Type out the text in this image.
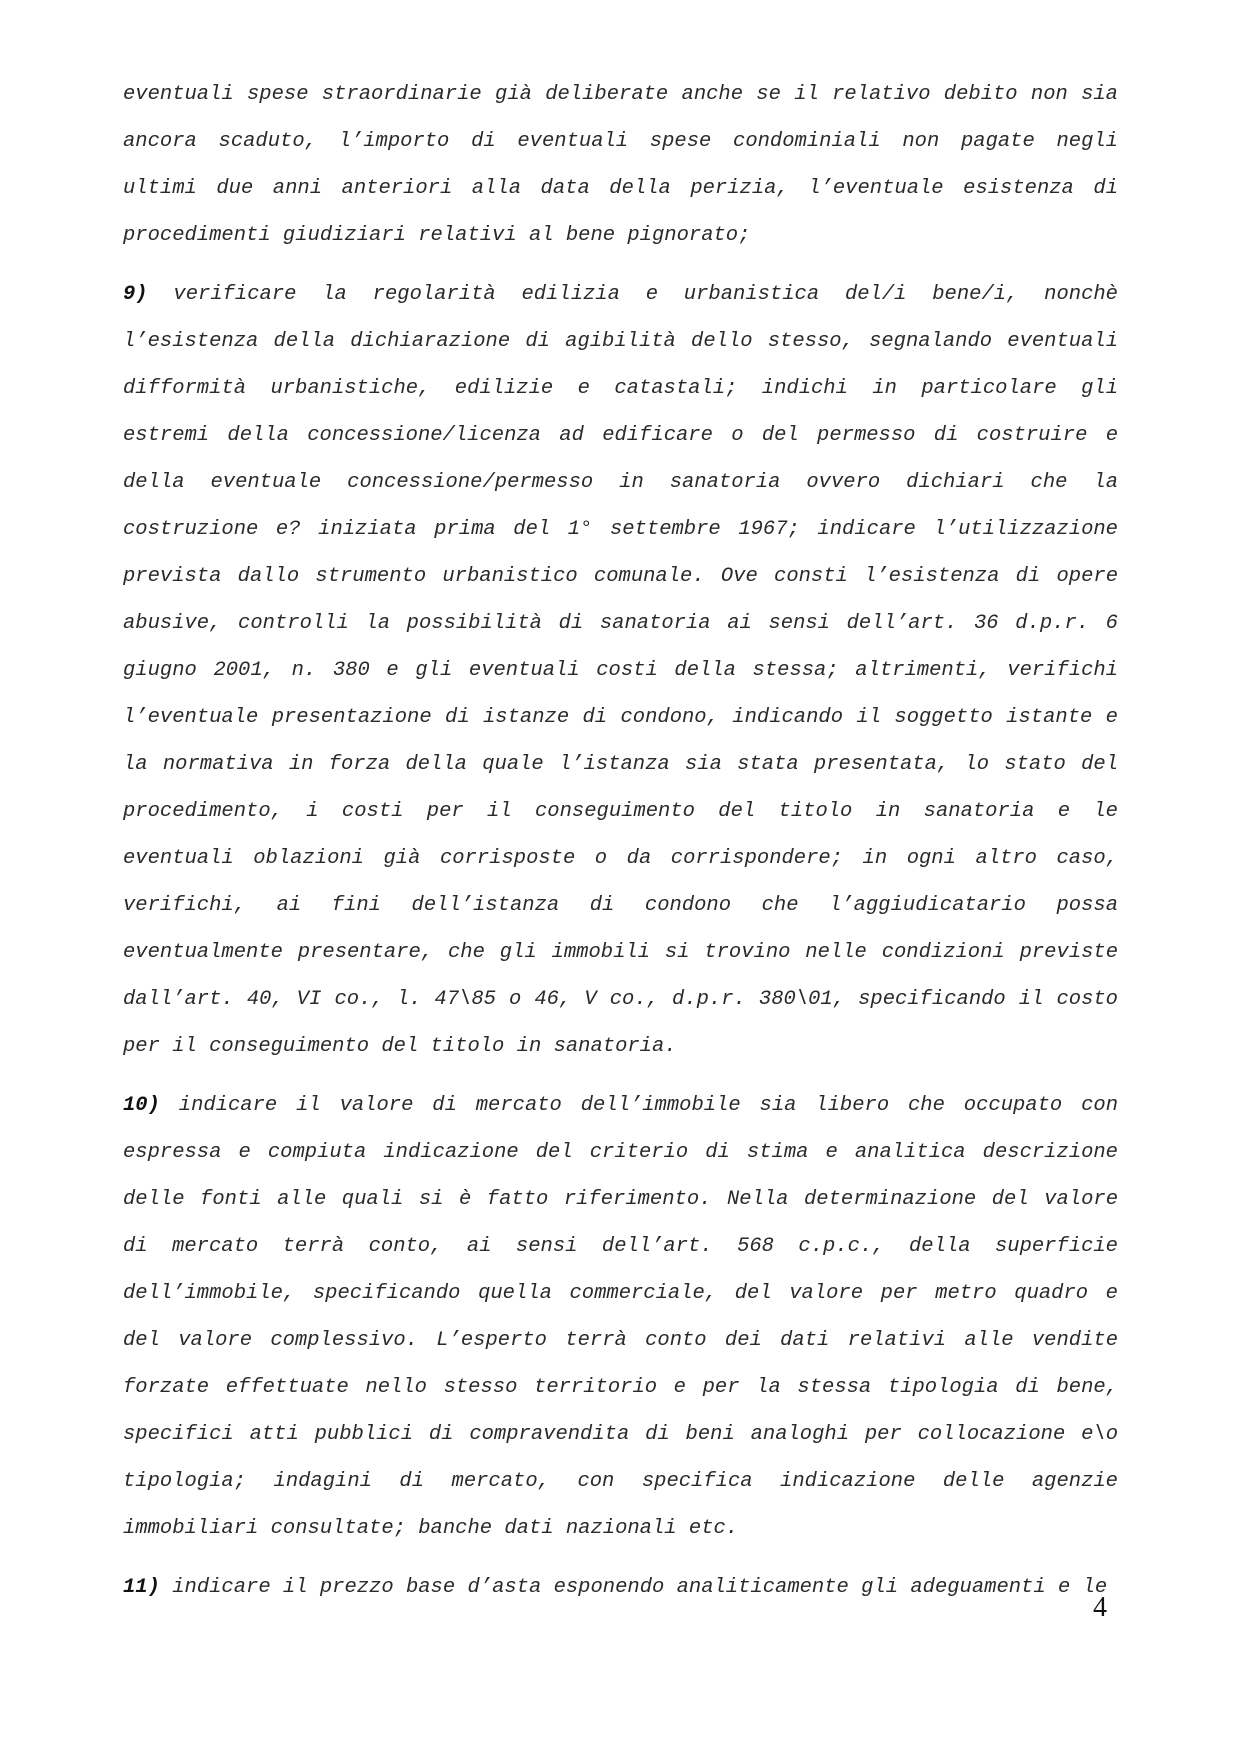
eventuali spese straordinarie già deliberate anche se il relativo debito non sia ancora scaduto, l’importo di eventuali spese condominiali non pagate negli ultimi due anni anteriori alla data della perizia, l’eventuale esistenza di procedimenti giudiziari relativi al bene pignorato;

9) verificare la regolarità edilizia e urbanistica del/i bene/i, nonchè l’esistenza della dichiarazione di agibilità dello stesso, segnalando eventuali difformità urbanistiche, edilizie e catastali; indichi in particolare gli estremi della concessione/licenza ad edificare o del permesso di costruire e della eventuale concessione/permesso in sanatoria ovvero dichiari che la costruzione e? iniziata prima del 1° settembre 1967; indicare l’utilizzazione prevista dallo strumento urbanistico comunale. Ove consti l’esistenza di opere abusive, controlli la possibilità di sanatoria ai sensi dell’art. 36 d.p.r. 6 giugno 2001, n. 380 e gli eventuali costi della stessa; altrimenti, verifichi l’eventuale presentazione di istanze di condono, indicando il soggetto istante e la normativa in forza della quale l’istanza sia stata presentata, lo stato del procedimento, i costi per il conseguimento del titolo in sanatoria e le eventuali oblazioni già corrisposte o da corrispondere; in ogni altro caso, verifichi, ai fini dell’istanza di condono che l’aggiudicatario possa eventualmente presentare, che gli immobili si trovino nelle condizioni previste dall’art. 40, VI co., l. 47\85 o 46, V co., d.p.r. 380\01, specificando il costo per il conseguimento del titolo in sanatoria.

10) indicare il valore di mercato dell’immobile sia libero che occupato con espressa e compiuta indicazione del criterio di stima e analitica descrizione delle fonti alle quali si è fatto riferimento. Nella determinazione del valore di mercato terrà conto, ai sensi dell’art. 568 c.p.c., della superficie dell’immobile, specificando quella commerciale, del valore per metro quadro e del valore complessivo. L’esperto terrà conto dei dati relativi alle vendite forzate effettuate nello stesso territorio e per la stessa tipologia di bene, specifici atti pubblici di compravendita di beni analoghi per collocazione e\o tipologia; indagini di mercato, con specifica indicazione delle agenzie immobiliari consultate; banche dati nazionali etc.

11) indicare il prezzo base d’asta esponendo analiticamente gli adeguamenti e le

4
